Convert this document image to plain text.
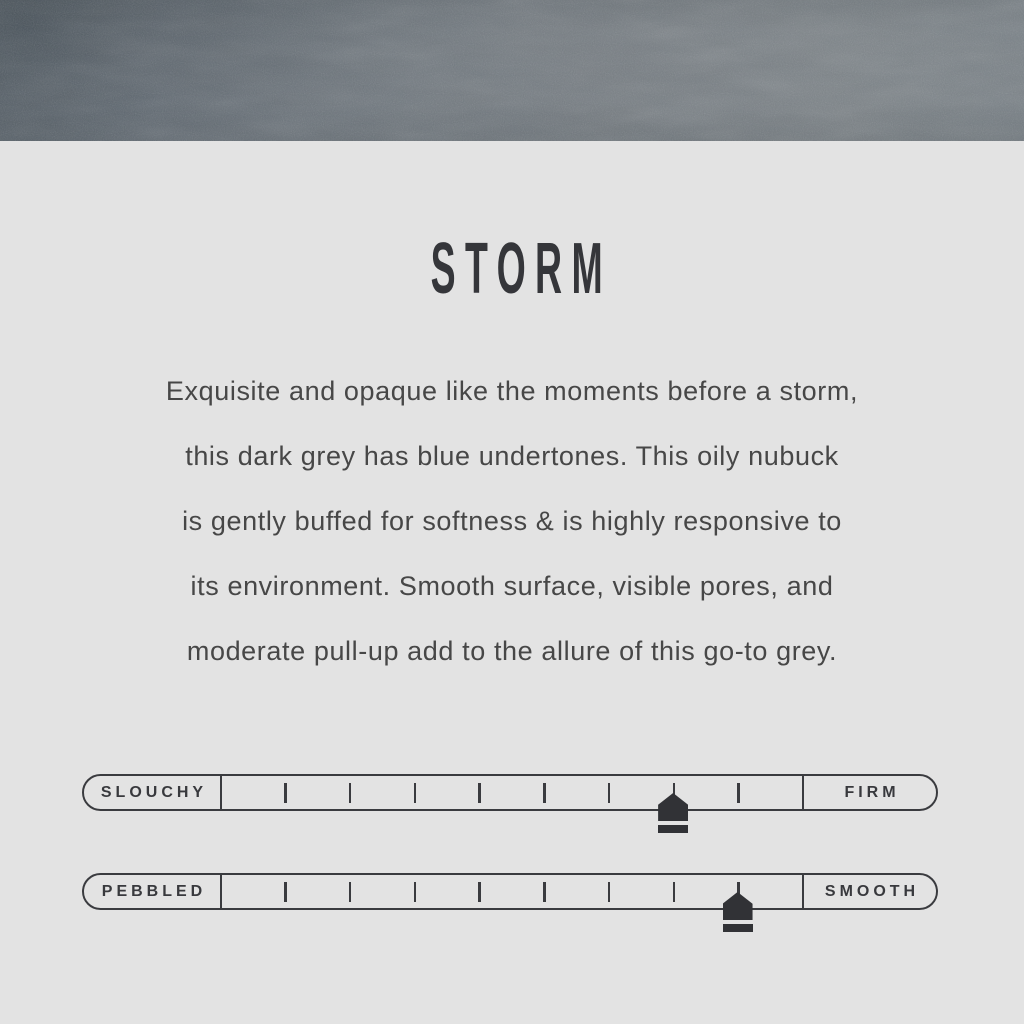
STORM
Exquisite and opaque like the moments before a storm,
this dark grey has blue undertones. This oily nubuck
is gently buffed for softness & is highly responsive to
its environment. Smooth surface, visible pores, and
moderate pull-up add to the allure of this go-to grey.
SLOUCHY	FIRM
PEBBLED	SMOOTH
